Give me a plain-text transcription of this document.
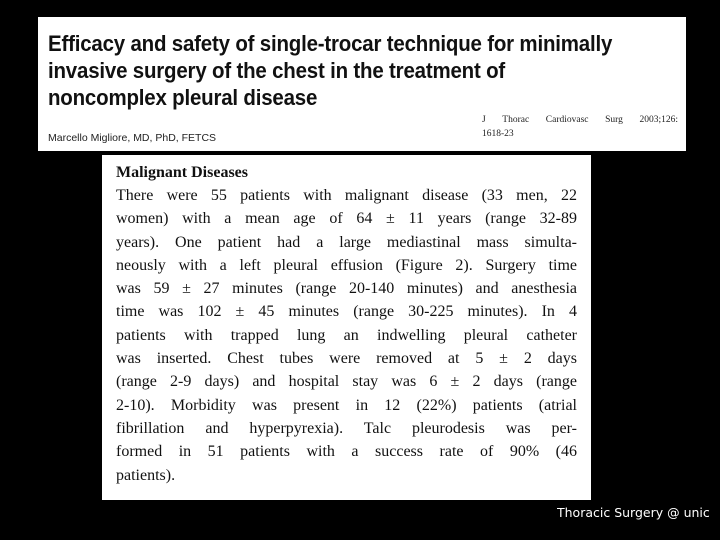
Efficacy and safety of single-trocar technique for minimally
invasive surgery of the chest in the treatment of
noncomplex pleural disease
Marcello Migliore, MD, PhD, FETCS
J Thorac Cardiovasc Surg 2003;126:
1618-23
Malignant Diseases
There were 55 patients with malignant disease (33 men, 22
women) with a mean age of 64 ± 11 years (range 32-89
years). One patient had a large mediastinal mass simulta-
neously with a left pleural effusion (Figure 2). Surgery time
was 59 ± 27 minutes (range 20-140 minutes) and anesthesia
time was 102 ± 45 minutes (range 30-225 minutes). In 4
patients with trapped lung an indwelling pleural catheter
was inserted. Chest tubes were removed at 5 ± 2 days
(range 2-9 days) and hospital stay was 6 ± 2 days (range
2-10). Morbidity was present in 12 (22%) patients (atrial
fibrillation and hyperpyrexia). Talc pleurodesis was per-
formed in 51 patients with a success rate of 90% (46
patients).
Thoracic Surgery @ unic
